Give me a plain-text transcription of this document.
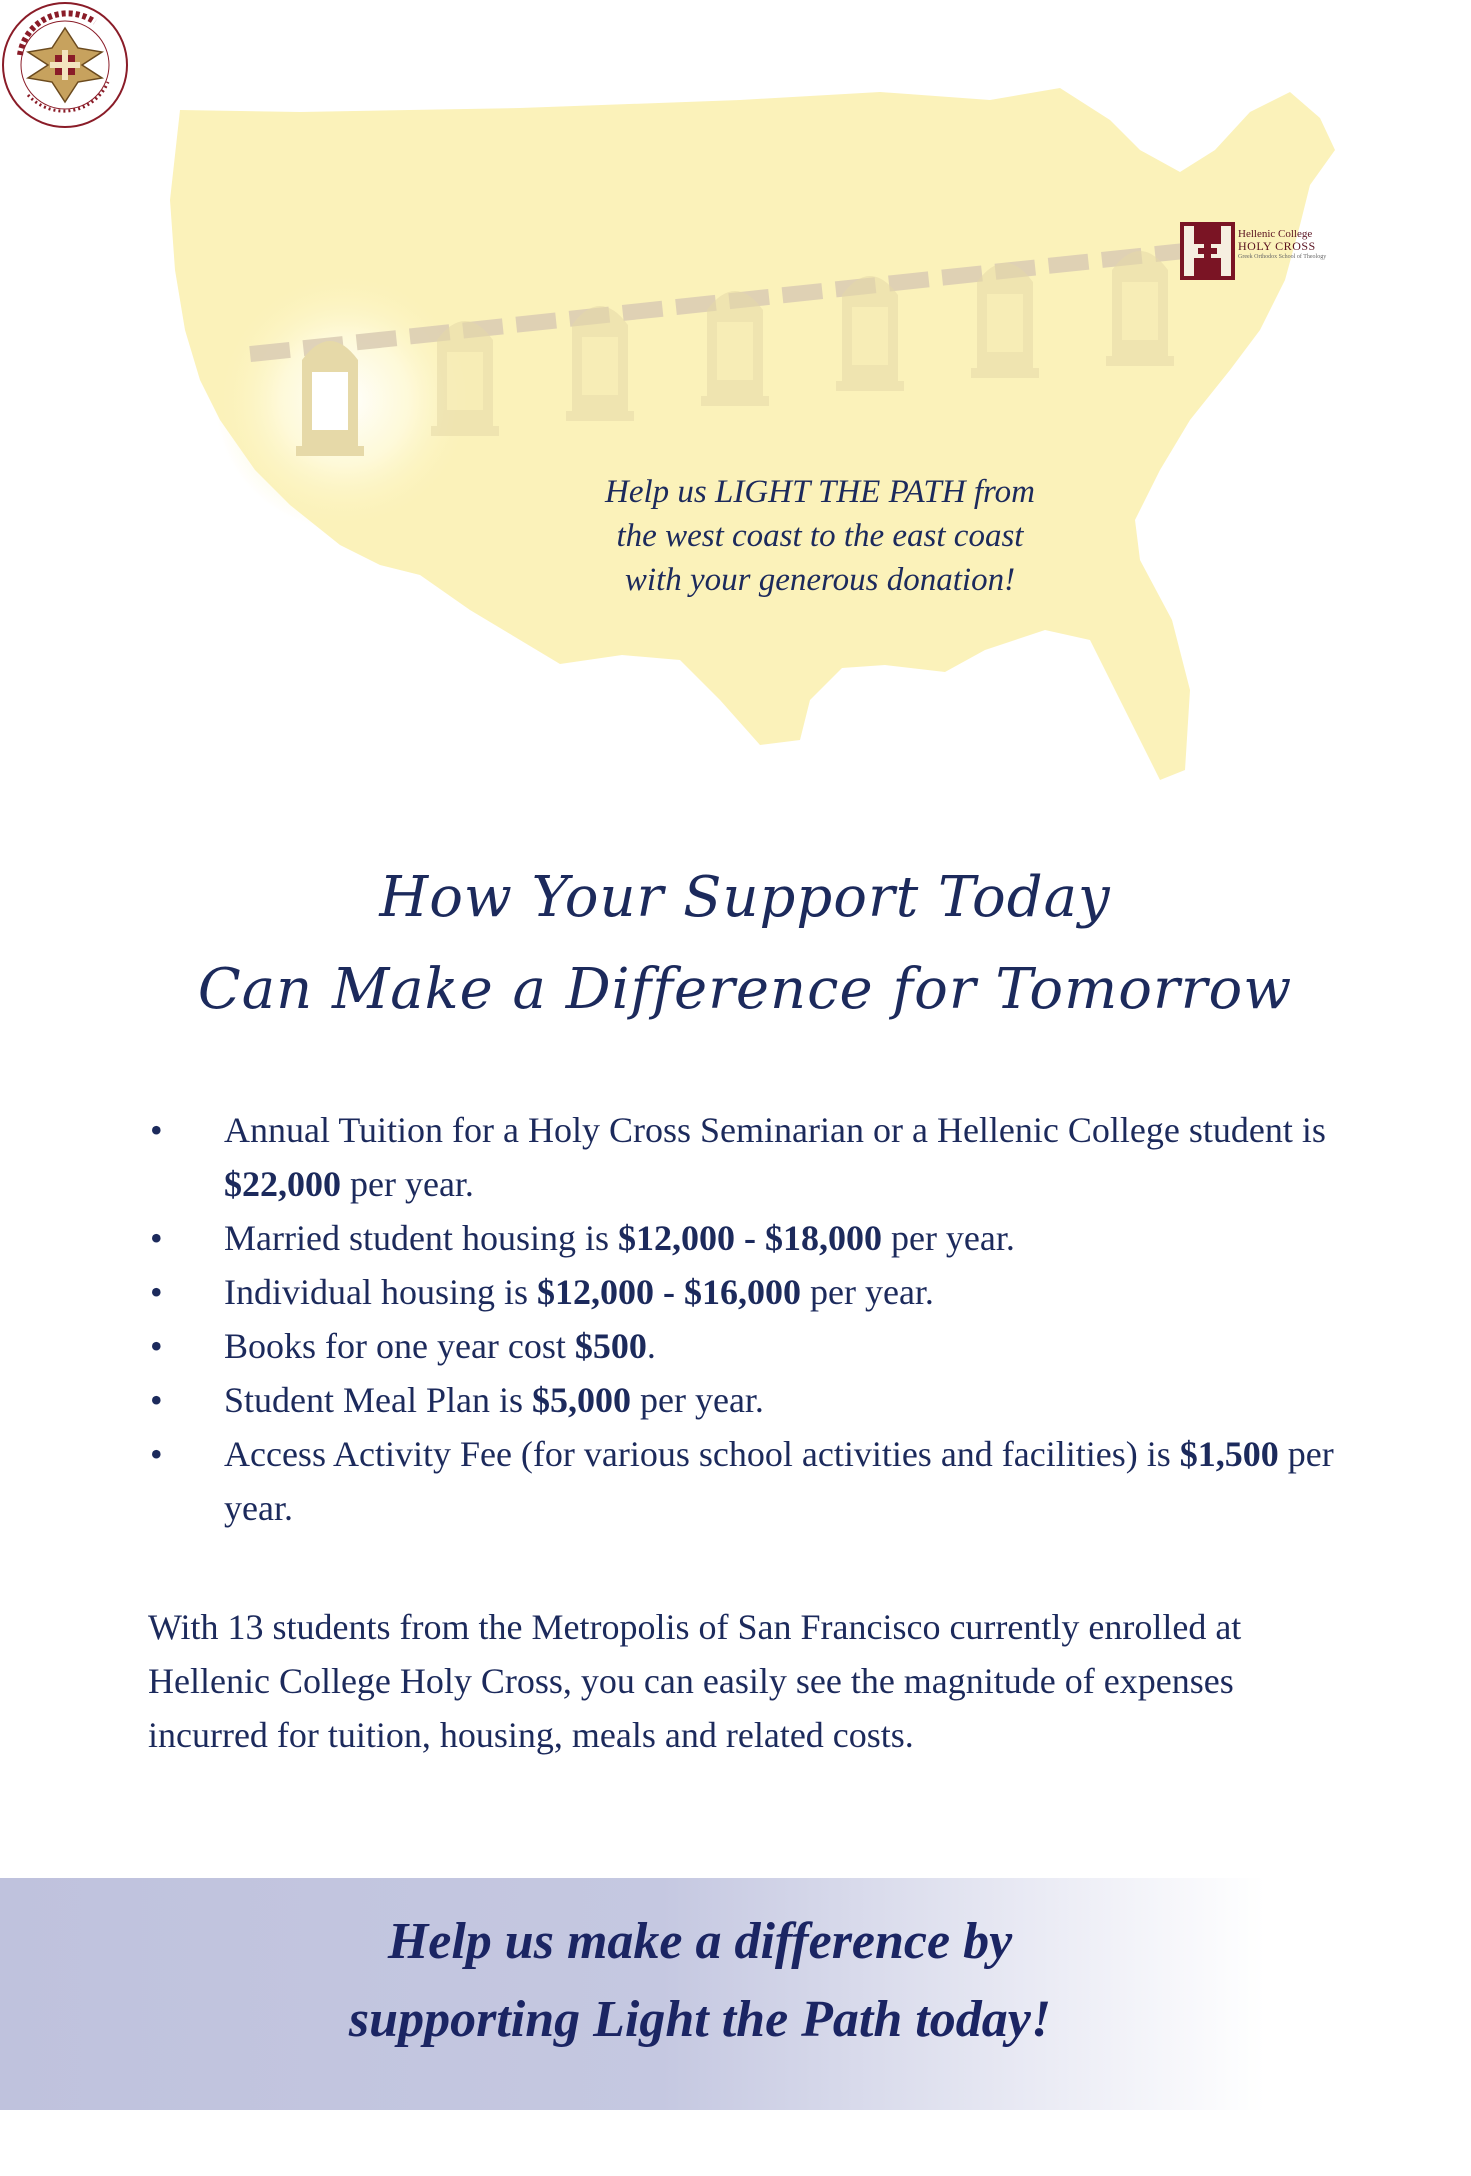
Hellenic College
HOLY CROSS
Greek Orthodox School of Theology
Help us LIGHT THE PATH from
the west coast to the east coast
with your generous donation!
How Your Support Today
Can Make a Difference for Tomorrow
• Annual Tuition for a Holy Cross Seminarian or a Hellenic College student is $22,000 per year.
• Married student housing is $12,000 - $18,000 per year.
• Individual housing is $12,000 - $16,000 per year.
• Books for one year cost $500.
• Student Meal Plan is $5,000 per year.
• Access Activity Fee (for various school activities and facilities) is $1,500 per year.
With 13 students from the Metropolis of San Francisco currently enrolled at Hellenic College Holy Cross, you can easily see the magnitude of expenses incurred for tuition, housing, meals and related costs.
Help us make a difference by
supporting Light the Path today!
